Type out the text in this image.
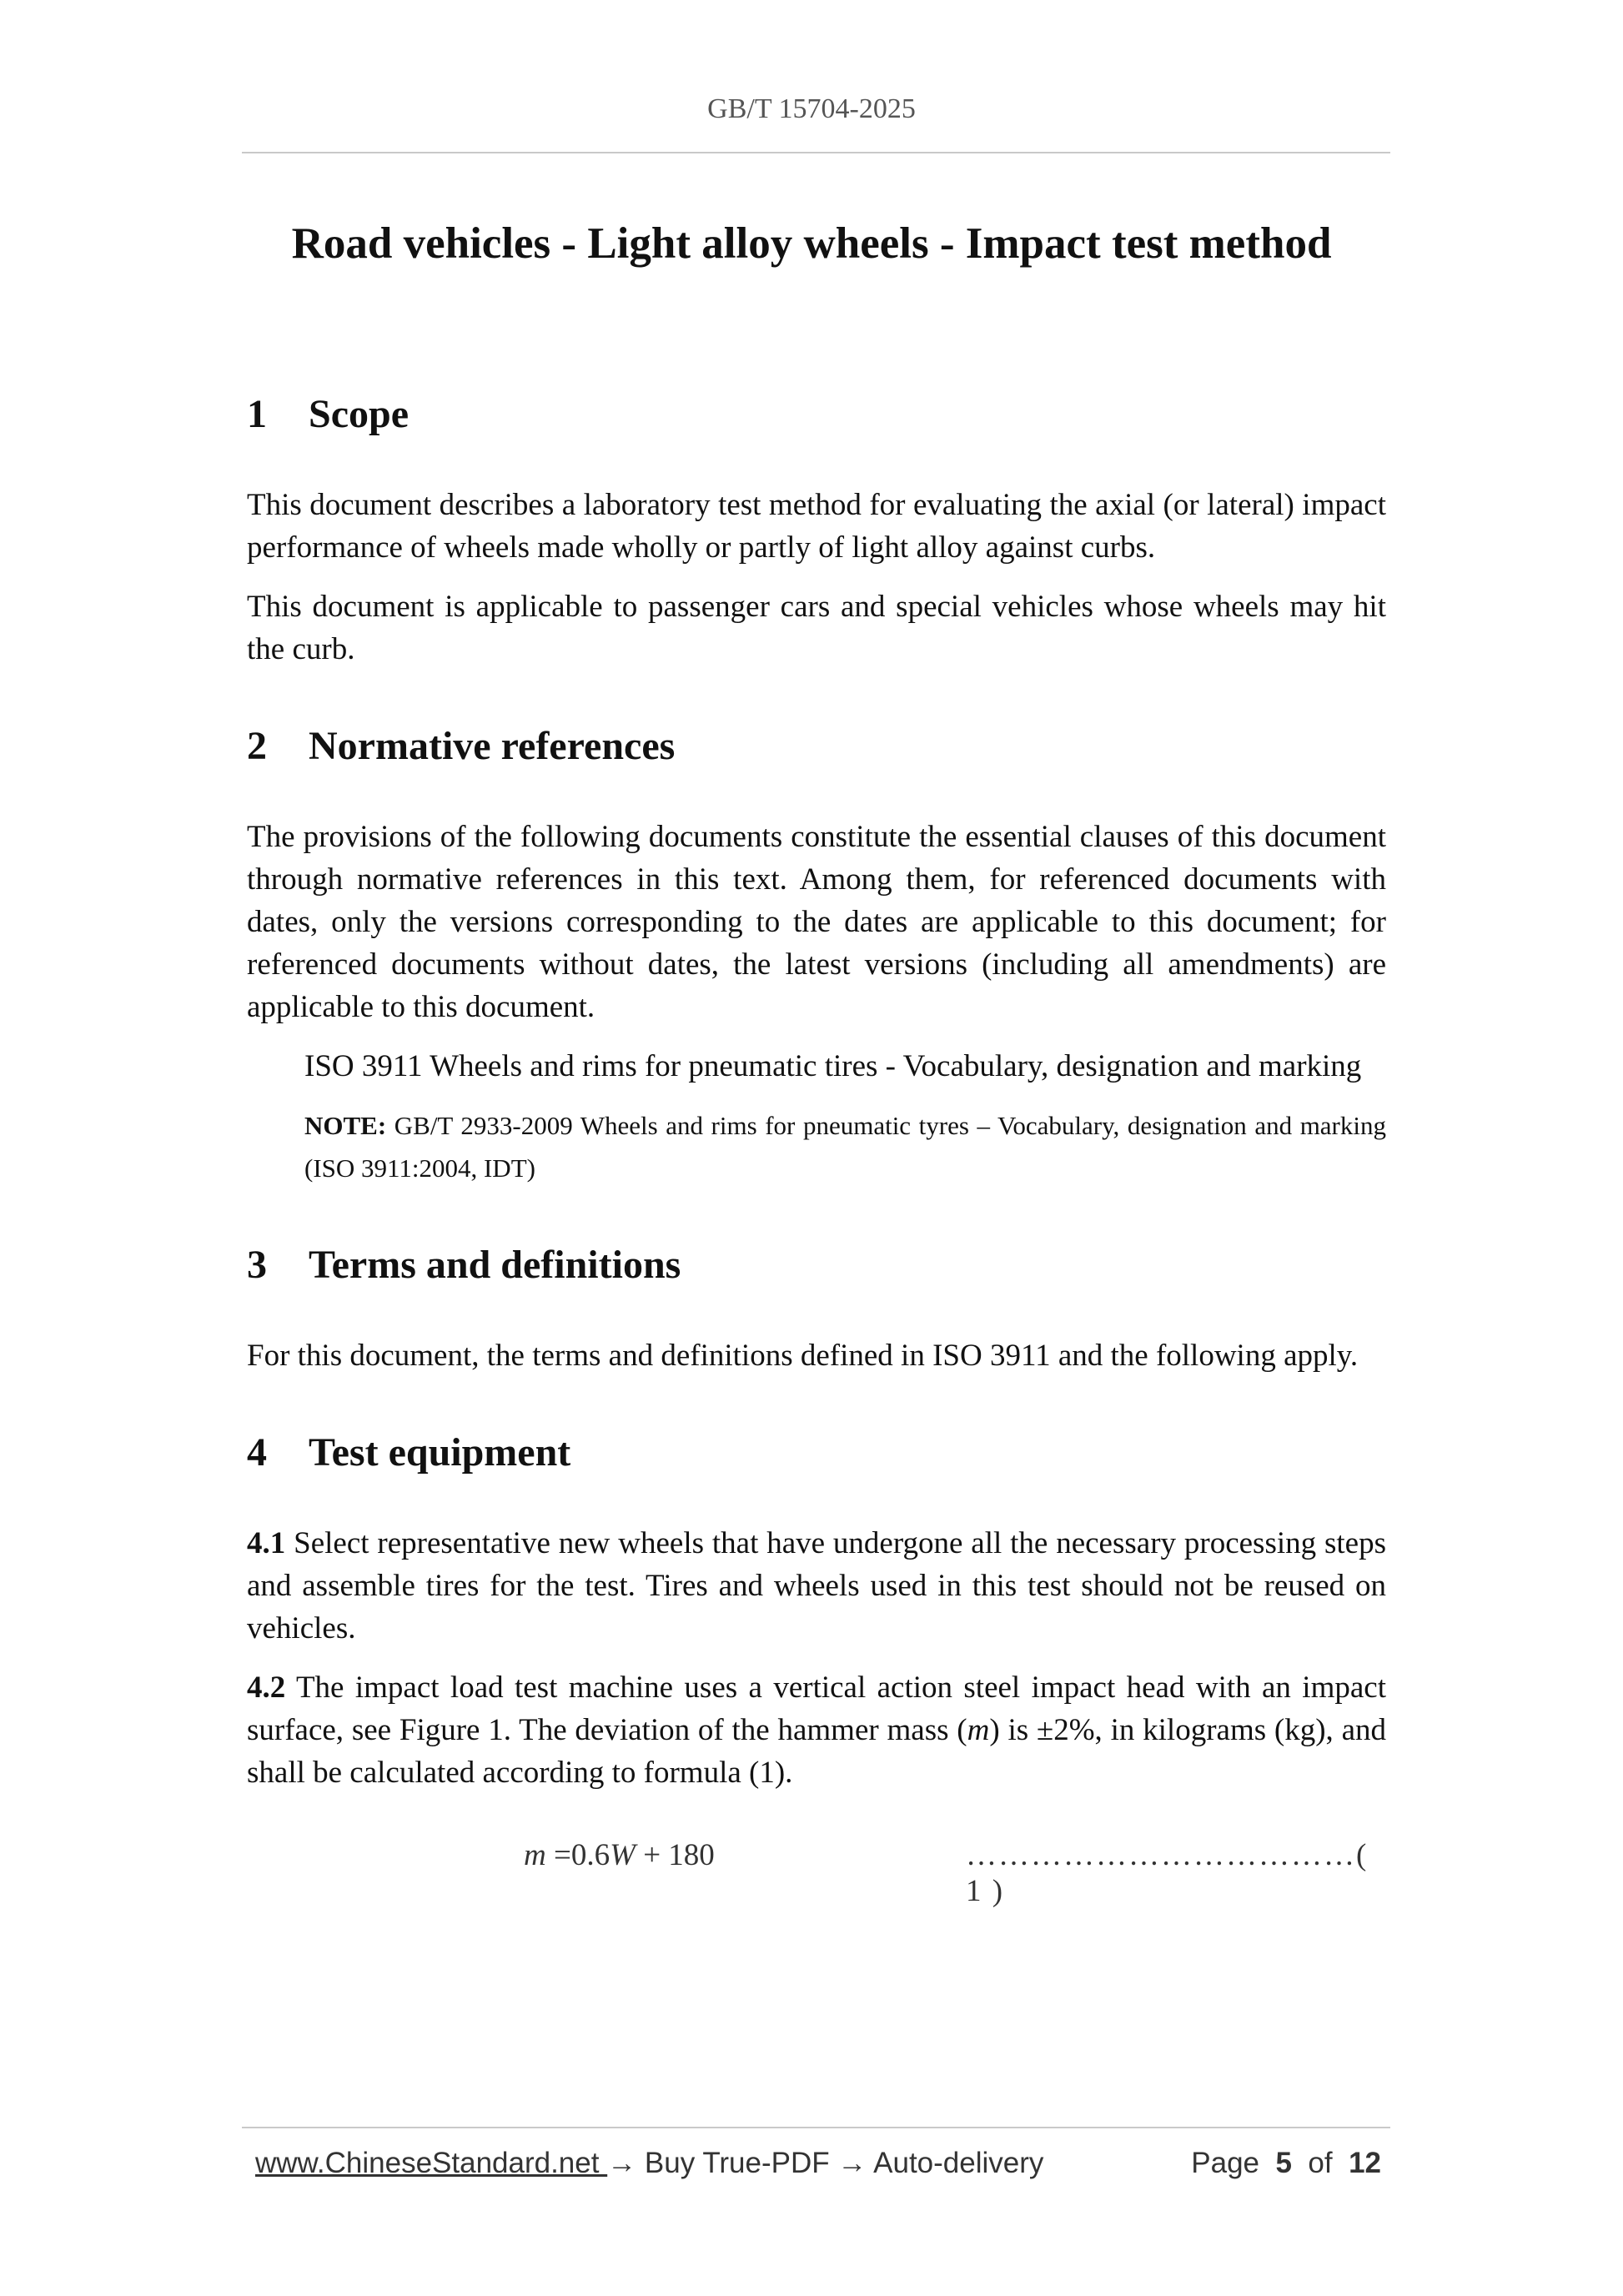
GB/T 15704-2025
Road vehicles - Light alloy wheels - Impact test method
1 Scope

This document describes a laboratory test method for evaluating the axial (or lateral) impact performance of wheels made wholly or partly of light alloy against curbs.

This document is applicable to passenger cars and special vehicles whose wheels may hit the curb.

2 Normative references

The provisions of the following documents constitute the essential clauses of this document through normative references in this text. Among them, for referenced documents with dates, only the versions corresponding to the dates are applicable to this document; for referenced documents without dates, the latest versions (including all amendments) are applicable to this document.

ISO 3911 Wheels and rims for pneumatic tires - Vocabulary, designation and marking

NOTE: GB/T 2933-2009 Wheels and rims for pneumatic tyres – Vocabulary, designation and marking (ISO 3911:2004, IDT)

3 Terms and definitions

For this document, the terms and definitions defined in ISO 3911 and the following apply.

4 Test equipment

4.1 Select representative new wheels that have undergone all the necessary processing steps and assemble tires for the test. Tires and wheels used in this test should not be reused on vehicles.

4.2 The impact load test machine uses a vertical action steel impact head with an impact surface, see Figure 1. The deviation of the hammer mass (m) is ±2%, in kilograms (kg), and shall be calculated according to formula (1).

m =0.6W + 180	………………………………( 1 )
www.ChineseStandard.net → Buy True-PDF → Auto-delivery	Page 5 of 12
